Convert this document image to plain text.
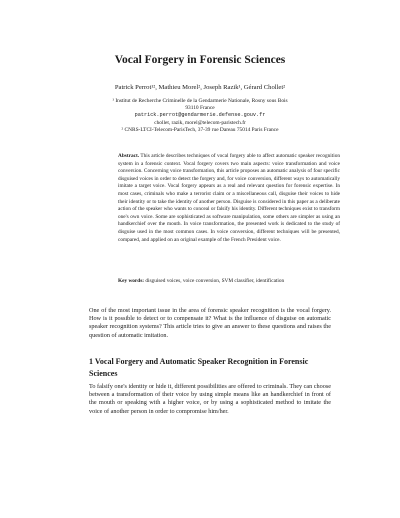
Vocal Forgery in Forensic Sciences
Patrick Perrot¹², Mathieu Morel², Joseph Razik¹, Gérard Chollet²
¹ Institut de Recherche Criminelle de la Gendarmerie Nationale, Rosny sous Bois
93110 France
patrick.perrot@gendarmerie.defense.gouv.fr
chollet, razik, morel@telecom-paristech.fr
² CNRS-LTCI-Telecom-ParisTech, 37-39 rue Dareau 75014 Paris France
Abstract. This article describes techniques of vocal forgery able to affect automatic speaker recognition system in a forensic context. Vocal forgery covers two main aspects: voice transformation and voice conversion. Concerning voice transformation, this article proposes an automatic analysis of four specific disguised voices in order to detect the forgery and, for voice conversion, different ways to automatically imitate a target voice. Vocal forgery appears as a real and relevant question for forensic expertise. In most cases, criminals who make a terrorist claim or a miscellaneous call, disguise their voices to hide their identity or to take the identity of another person. Disguise is considered in this paper as a deliberate action of the speaker who wants to conceal or falsify his identity. Different techniques exist to transform one's own voice. Some are sophisticated as software manipulation, some others are simpler as using an handkerchief over the mouth. In voice transformation, the presented work is dedicated to the study of disguise used in the most common cases. In voice conversion, different techniques will be presented, compared, and applied on an original example of the French President voice.
Key words: disguised voices, voice conversion, SVM classifier, identification
One of the most important issue in the area of forensic speaker recognition is the vocal forgery. How is it possible to detect or to compensate it? What is the influence of disguise on automatic speaker recognition systems? This article tries to give an answer to these questions and raises the question of automatic imitation.
1 Vocal Forgery and Automatic Speaker Recognition in Forensic Sciences
To falsify one's identity or hide it, different possibilities are offered to criminals. They can choose between a transformation of their voice by using simple means like an handkerchief in front of the mouth or speaking with a higher voice, or by using a sophisticated method to imitate the voice of another person in order to compromise him/her.
